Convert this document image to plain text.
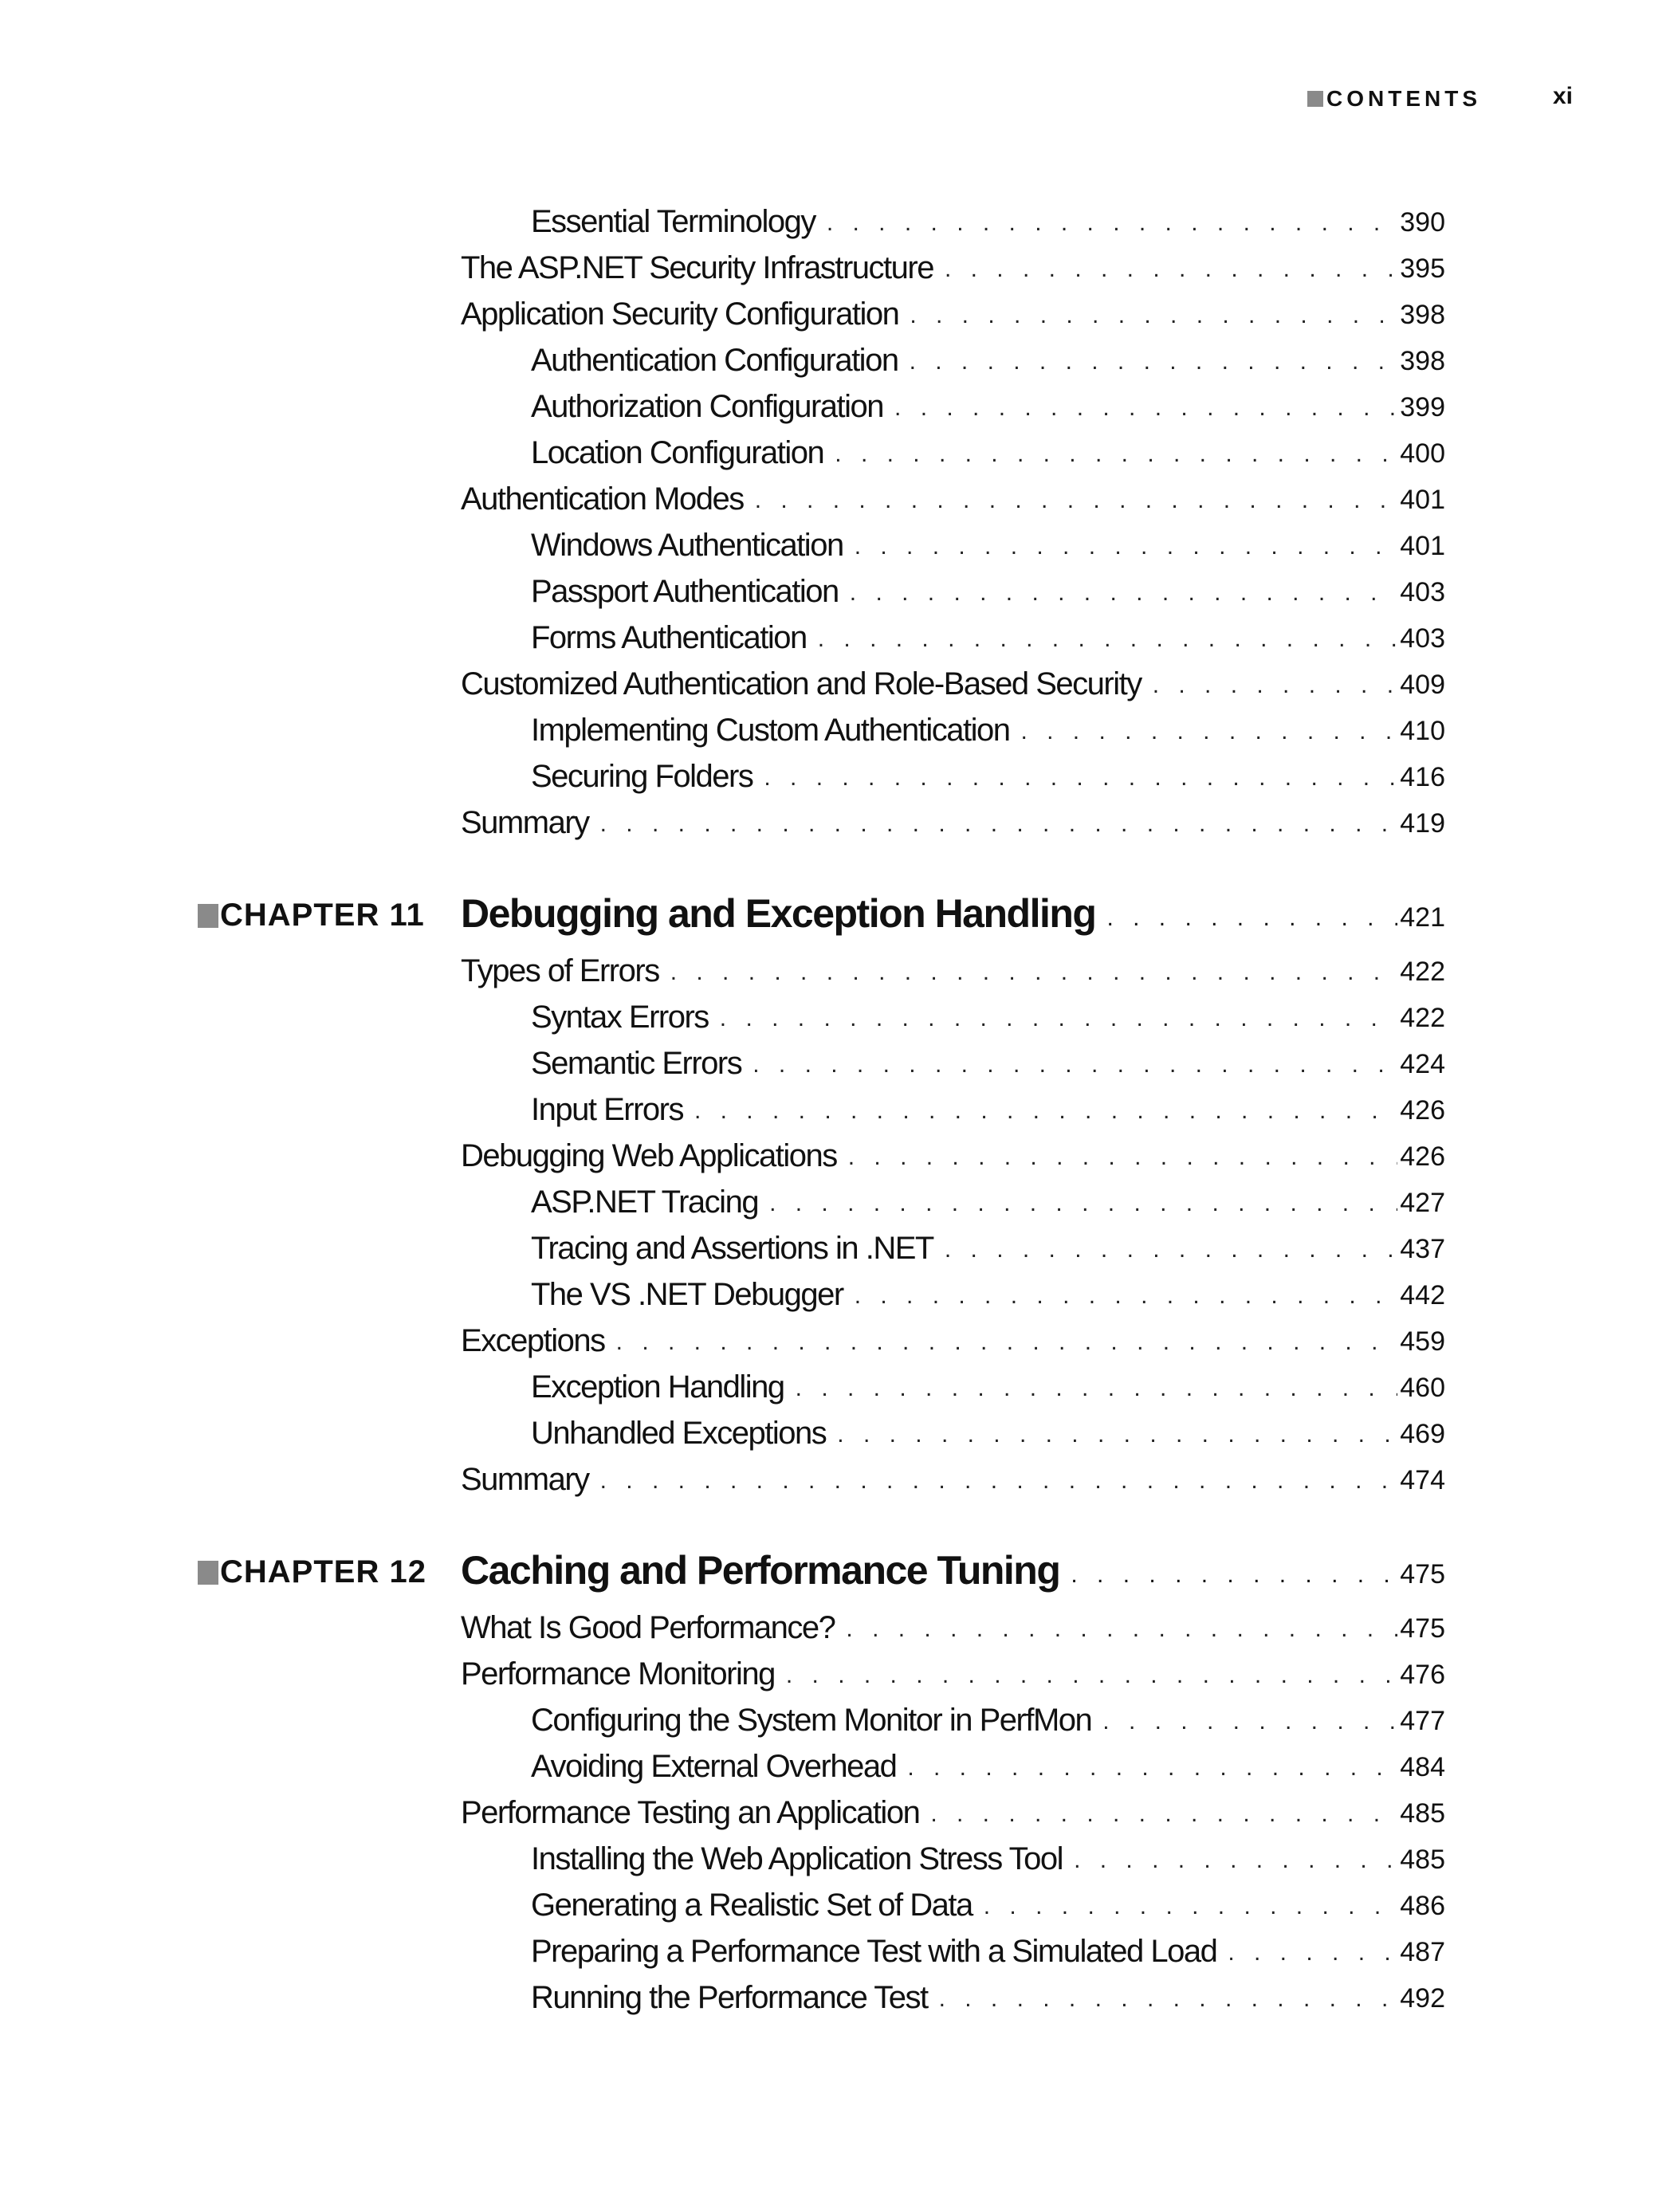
CONTENTS	xi
Essential Terminology . . .	390
The ASP.NET Security Infrastructure . . .	395
Application Security Configuration . . .	398
Authentication Configuration . . .	398
Authorization Configuration . . .	399
Location Configuration . . .	400
Authentication Modes . . .	401
Windows Authentication . . .	401
Passport Authentication . . .	403
Forms Authentication . . .	403
Customized Authentication and Role-Based Security . . .	409
Implementing Custom Authentication . . .	410
Securing Folders . . .	416
Summary . . .	419
CHAPTER 11 Debugging and Exception Handling . . .	421
Types of Errors . . .	422
Syntax Errors . . .	422
Semantic Errors . . .	424
Input Errors . . .	426
Debugging Web Applications . . .	426
ASP.NET Tracing . . .	427
Tracing and Assertions in .NET . . .	437
The VS .NET Debugger . . .	442
Exceptions . . .	459
Exception Handling . . .	460
Unhandled Exceptions . . .	469
Summary . . .	474
CHAPTER 12 Caching and Performance Tuning . . .	475
What Is Good Performance? . . .	475
Performance Monitoring . . .	476
Configuring the System Monitor in PerfMon . . .	477
Avoiding External Overhead . . .	484
Performance Testing an Application . . .	485
Installing the Web Application Stress Tool . . .	485
Generating a Realistic Set of Data . . .	486
Preparing a Performance Test with a Simulated Load . . .	487
Running the Performance Test . . .	492
